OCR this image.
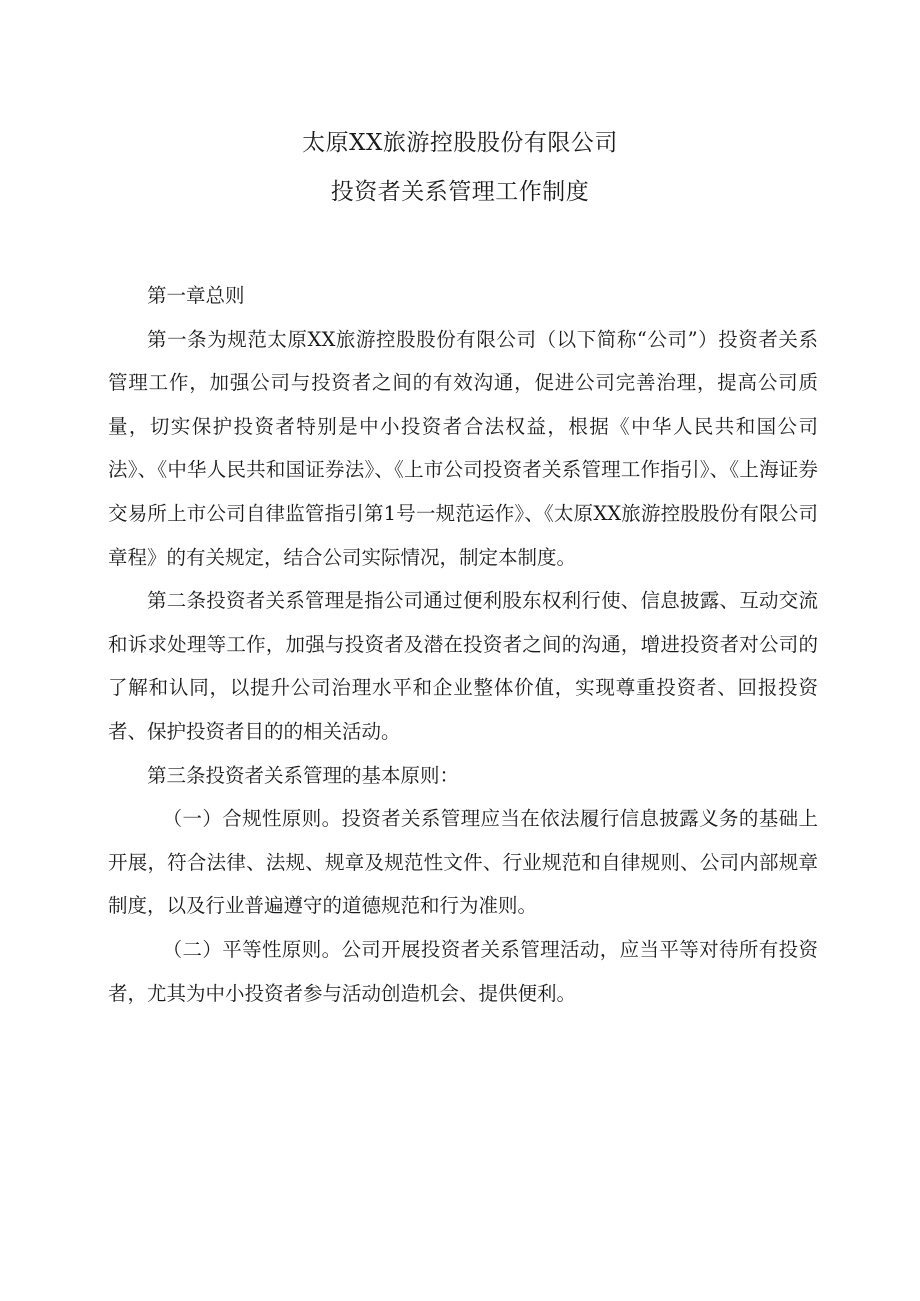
太原XX旅游控股股份有限公司
投资者关系管理工作制度

第一章总则

第一条为规范太原XX旅游控股股份有限公司（以下简称“公司”）投资者关系管理工作，加强公司与投资者之间的有效沟通，促进公司完善治理，提高公司质量，切实保护投资者特别是中小投资者合法权益，根据《中华人民共和国公司法》、《中华人民共和国证券法》、《上市公司投资者关系管理工作指引》、《上海证券交易所上市公司自律监管指引第1号一规范运作》、《太原XX旅游控股股份有限公司章程》的有关规定，结合公司实际情况，制定本制度。

第二条投资者关系管理是指公司通过便利股东权利行使、信息披露、互动交流和诉求处理等工作，加强与投资者及潜在投资者之间的沟通，增进投资者对公司的了解和认同，以提升公司治理水平和企业整体价值，实现尊重投资者、回报投资者、保护投资者目的的相关活动。

第三条投资者关系管理的基本原则：

（一）合规性原则。投资者关系管理应当在依法履行信息披露义务的基础上开展，符合法律、法规、规章及规范性文件、行业规范和自律规则、公司内部规章制度，以及行业普遍遵守的道德规范和行为准则。

（二）平等性原则。公司开展投资者关系管理活动，应当平等对待所有投资者，尤其为中小投资者参与活动创造机会、提供便利。
